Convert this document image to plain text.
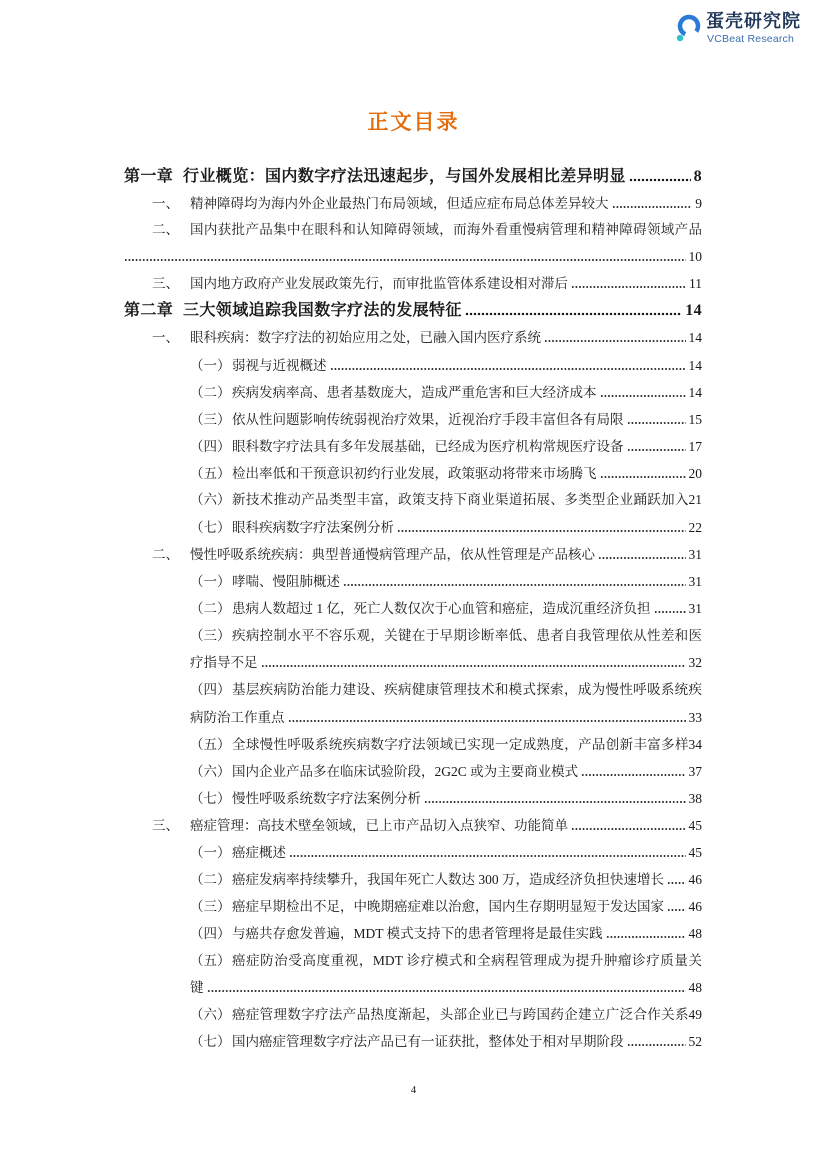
蛋壳研究院
VCBeat Research
正文目录
第一章 行业概览：国内数字疗法迅速起步，与国外发展相比差异明显	8
一、 精神障碍均为海内外企业最热门布局领域，但适应症布局总体差异较大	9
二、 国内获批产品集中在眼科和认知障碍领域，而海外看重慢病管理和精神障碍领域产品
10
三、 国内地方政府产业发展政策先行，而审批监管体系建设相对滞后	11
第二章 三大领域追踪我国数字疗法的发展特征	14
一、 眼科疾病：数字疗法的初始应用之处，已融入国内医疗系统	14
（一） 弱视与近视概述	14
（二） 疾病发病率高、患者基数庞大，造成严重危害和巨大经济成本	14
（三） 依从性问题影响传统弱视治疗效果，近视治疗手段丰富但各有局限	15
（四） 眼科数字疗法具有多年发展基础，已经成为医疗机构常规医疗设备	17
（五） 检出率低和干预意识初约行业发展，政策驱动将带来市场腾飞	20
（六） 新技术推动产品类型丰富，政策支持下商业渠道拓展、多类型企业踊跃加入 21
（七） 眼科疾病数字疗法案例分析	22
二、 慢性呼吸系统疾病：典型普通慢病管理产品，依从性管理是产品核心	31
（一） 哮喘、慢阻肺概述	31
（二） 患病人数超过 1 亿，死亡人数仅次于心血管和癌症，造成沉重经济负担	31
（三） 疾病控制水平不容乐观，关键在于早期诊断率低、患者自我管理依从性差和医
疗指导不足	32
（四） 基层疾病防治能力建设、疾病健康管理技术和模式探索，成为慢性呼吸系统疾
病防治工作重点	33
（五） 全球慢性呼吸系统疾病数字疗法领域已实现一定成熟度，产品创新丰富多样 34
（六） 国内企业产品多在临床试验阶段，2G2C 或为主要商业模式	37
（七） 慢性呼吸系统数字疗法案例分析	38
三、 癌症管理：高技术壁垒领域，已上市产品切入点狭窄、功能简单	45
（一） 癌症概述	45
（二） 癌症发病率持续攀升，我国年死亡人数达 300 万，造成经济负担快速增长 46
（三） 癌症早期检出不足，中晚期癌症难以治愈，国内生存期明显短于发达国家 46
（四） 与癌共存愈发普遍，MDT 模式支持下的患者管理将是最佳实践	48
（五） 癌症防治受高度重视，MDT 诊疗模式和全病程管理成为提升肿瘤诊疗质量关
键	48
（六） 癌症管理数字疗法产品热度渐起，头部企业已与跨国药企建立广泛合作关系 49
（七） 国内癌症管理数字疗法产品已有一证获批，整体处于相对早期阶段	52
4
